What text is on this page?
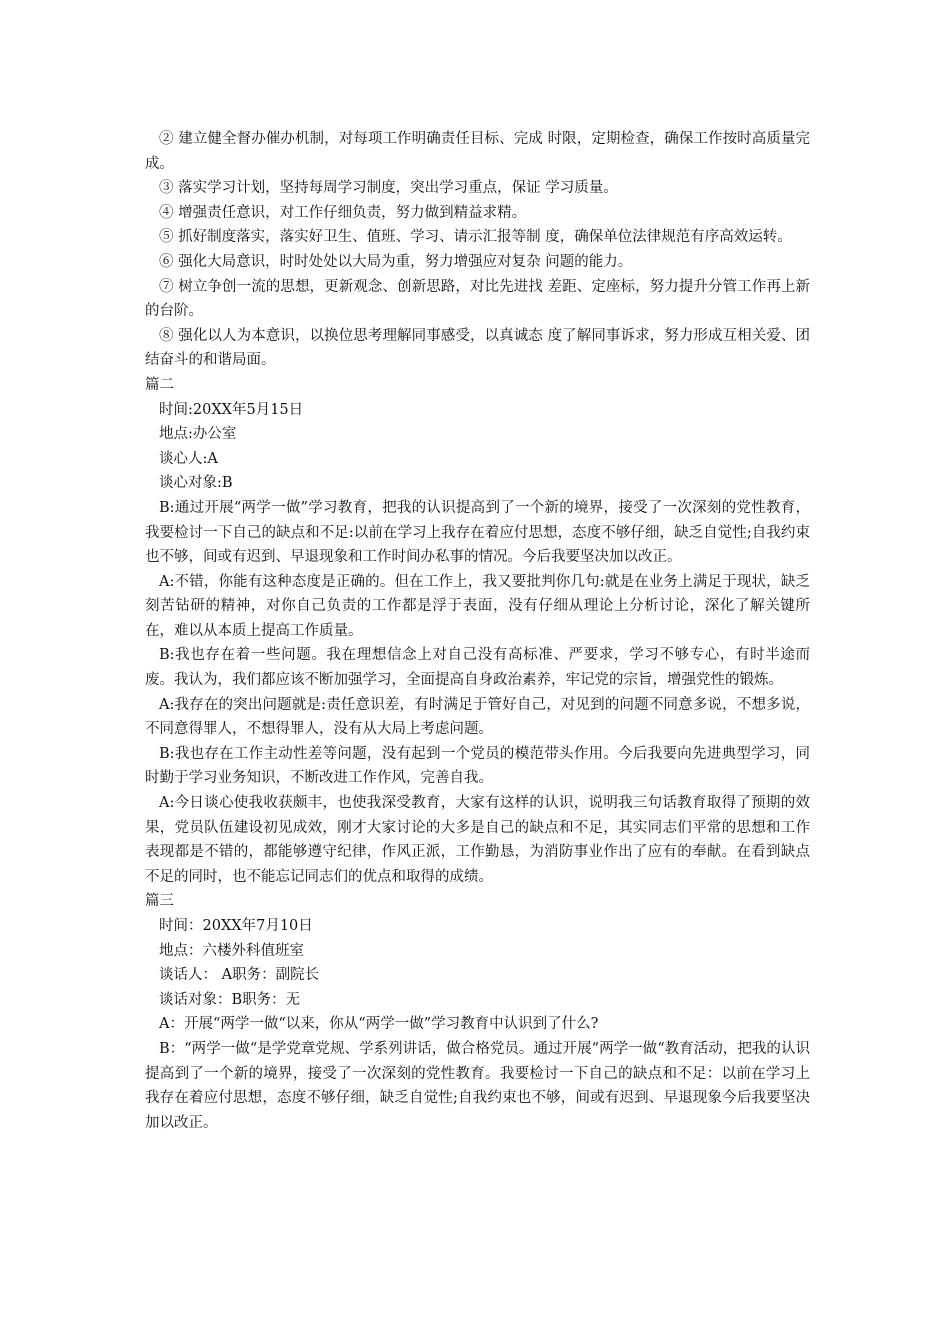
② 建立健全督办催办机制，对每项工作明确责任目标、完成 时限，定期检查，确保工作按时高质量完成。

③ 落实学习计划，坚持每周学习制度，突出学习重点，保证 学习质量。

④ 增强责任意识，对工作仔细负责，努力做到精益求精。

⑤ 抓好制度落实，落实好卫生、值班、学习、请示汇报等制 度，确保单位法律规范有序高效运转。

⑥ 强化大局意识，时时处处以大局为重，努力增强应对复杂 问题的能力。

⑦ 树立争创一流的思想，更新观念、创新思路，对比先进找 差距、定座标，努力提升分管工作再上新的台阶。

⑧ 强化以人为本意识，以换位思考理解同事感受，以真诚态 度了解同事诉求，努力形成互相关爱、团结奋斗的和谐局面。

篇二

时间:20XX年5月15日

地点:办公室

谈心人:A

谈心对象:B

B:通过开展“两学一做”学习教育，把我的认识提高到了一个新的境界，接受了一次深刻的党性教育，我要检讨一下自己的缺点和不足:以前在学习上我存在着应付思想，态度不够仔细，缺乏自觉性;自我约束也不够，间或有迟到、早退现象和工作时间办私事的情况。今后我要坚决加以改正。

A:不错，你能有这种态度是正确的。但在工作上，我又要批判你几句:就是在业务上满足于现状，缺乏刻苦钻研的精神，对你自己负责的工作都是浮于表面，没有仔细从理论上分析讨论，深化了解关键所在，难以从本质上提高工作质量。

B:我也存在着一些问题。我在理想信念上对自己没有高标准、严要求，学习不够专心，有时半途而废。我认为，我们都应该不断加强学习，全面提高自身政治素养，牢记党的宗旨，增强党性的锻炼。

A:我存在的突出问题就是:责任意识差，有时满足于管好自己，对见到的问题不同意多说，不想多说，不同意得罪人，不想得罪人，没有从大局上考虑问题。

B:我也存在工作主动性差等问题，没有起到一个党员的模范带头作用。今后我要向先进典型学习，同时勤于学习业务知识，不断改进工作作风，完善自我。

A:今日谈心使我收获颇丰，也使我深受教育，大家有这样的认识，说明我三句话教育取得了预期的效果，党员队伍建设初见成效，刚才大家讨论的大多是自己的缺点和不足，其实同志们平常的思想和工作表现都是不错的，都能够遵守纪律，作风正派，工作勤恳，为消防事业作出了应有的奉献。在看到缺点不足的同时，也不能忘记同志们的优点和取得的成绩。

篇三

时间：20XX年7月10日

地点：六楼外科值班室

谈话人： A职务：副院长

谈话对象：B职务：无

A：开展“两学一做“以来，你从“两学一做”学习教育中认识到了什么?

B：“两学一做“是学党章党规、学系列讲话，做合格党员。通过开展“两学一做“教育活动，把我的认识提高到了一个新的境界，接受了一次深刻的党性教育。我要检讨一下自己的缺点和不足：以前在学习上我存在着应付思想，态度不够仔细，缺乏自觉性;自我约束也不够，间或有迟到、早退现象今后我要坚决加以改正。
